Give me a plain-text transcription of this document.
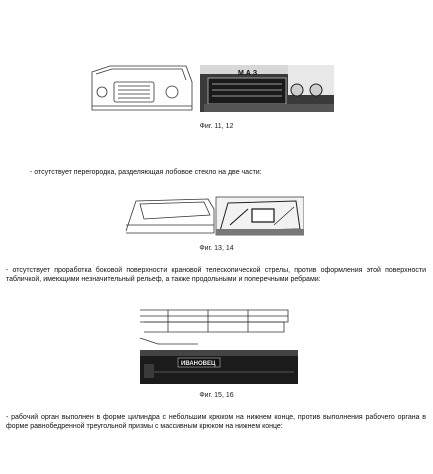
М А З
Фиг. 11, 12

- отсутствует перегородка, разделяющая лобовое стекло на две части:

Фиг. 13, 14

- отсутствует проработка боковой поверхности крановой телескопической стрелы, против оформления этой поверхности табличкой, имеющими незначительный рельеф, а также продольными и поперечными ребрами:

ИВАНОВЕЦ
Фиг. 15, 16

- рабочий орган выполнен в форме цилиндра с небольшим крюком на нижнем конце, против выполнения рабочего органа в форме равнобедренной треугольной призмы с массивным крюком на нижнем конце:
